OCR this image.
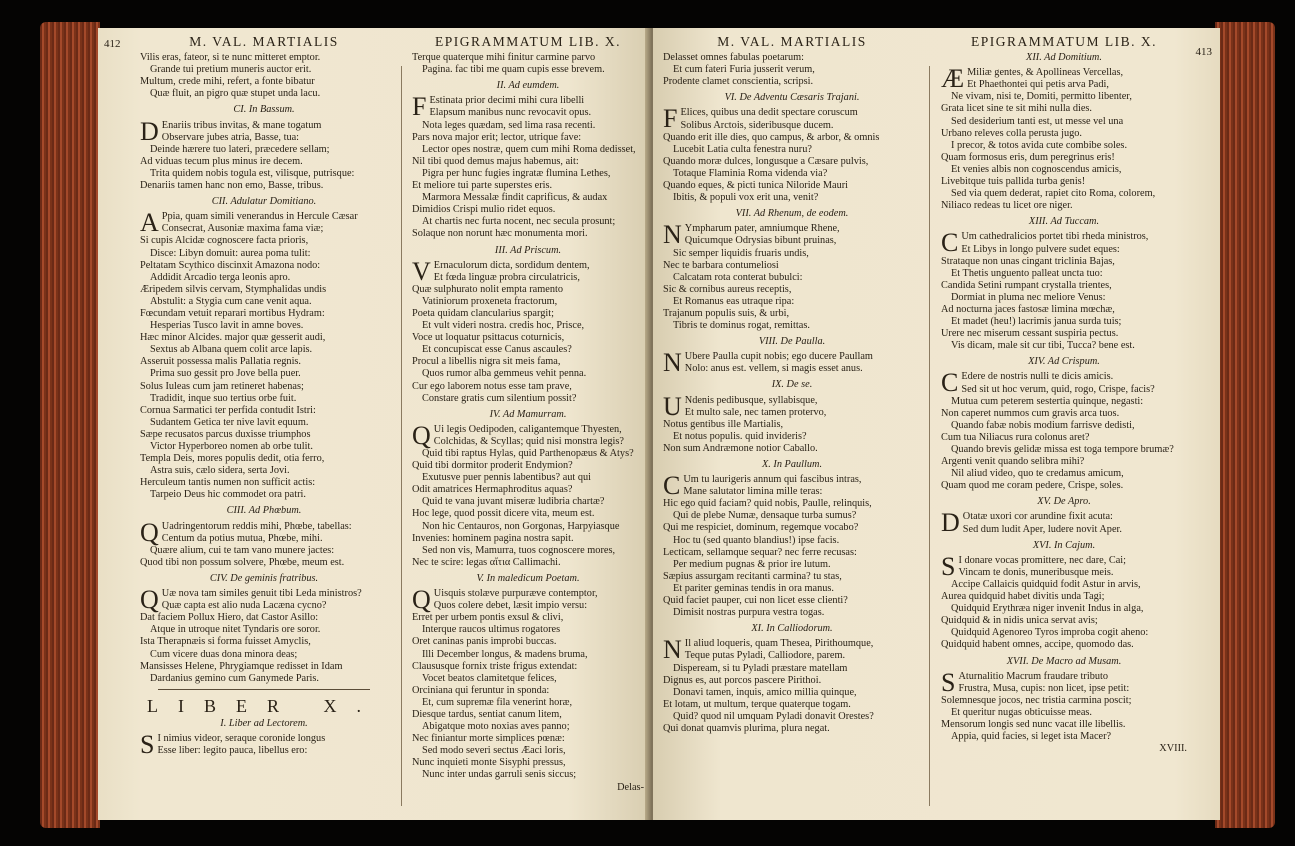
412	M. VAL. MARTIALIS
Vilis eras, fateor, si te nunc mitteret emptor.
Grande tui pretium muneris auctor erit.
Multum, crede mihi, refert, a fonte bibatur
Quæ fluit, an pigro quæ stupet unda lacu.
CI. In Bassum.
D Enariis tribus invitas, & mane togatum
Observare jubes atria, Basse, tua:
Deinde hærere tuo lateri, præcedere sellam;
Ad viduas tecum plus minus ire decem.
Trita quidem nobis togula est, vilisque, putrisque:
Denariis tamen hanc non emo, Basse, tribus.
CII. Adulatur Domitiano.
A Ppia, quam simili venerandus in Hercule Cæsar
Consecrat, Ausoniæ maxima fama viæ;
Si cupis Alcidæ cognoscere facta prioris,
Disce: Libyn domuit: aurea poma tulit:
Peltatam Scythico discinxit Amazona nodo:
Addidit Arcadio terga leonis apro.
Æripedem silvis cervam, Stymphalidas undis
Abstulit: a Stygia cum cane venit aqua.
Fœcundam vetuit reparari mortibus Hydram:
Hesperias Tusco lavit in amne boves.
Hæc minor Alcides. major quæ gesserit audi,
Sextus ab Albana quem colit arce lapis.
Asseruit possessa malis Pallatia regnis.
Prima suo gessit pro Jove bella puer.
Solus Iuleas cum jam retineret habenas;
Tradidit, inque suo tertius orbe fuit.
Cornua Sarmatici ter perfida contudit Istri:
Sudantem Getica ter nive lavit equum.
Sæpe recusatos parcus duxisse triumphos
Victor Hyperboreo nomen ab orbe tulit.
Templa Deis, mores populis dedit, otia ferro,
Astra suis, cælo sidera, serta Jovi.
Herculeum tantis numen non sufficit actis:
Tarpeio Deus hic commodet ora patri.
CIII. Ad Phœbum.
Q Uadringentorum reddis mihi, Phœbe, tabellas:
Centum da potius mutua, Phœbe, mihi.
Quære alium, cui te tam vano munere jactes:
Quod tibi non possum solvere, Phœbe, meum est.
CIV. De geminis fratribus.
Q Uæ nova tam similes genuit tibi Leda ministros?
Quæ capta est alio nuda Lacæna cycno?
Dat faciem Pollux Hiero, dat Castor Asillo:
Atque in utroque nitet Tyndaris ore soror.
Ista Therapnæis si forma fuisset Amyclis,
Cum vicere duas dona minora deas;
Mansisses Helene, Phrygiamque redisset in Idam
Dardanius gemino cum Ganymede Paris.
LIBER X.
I. Liber ad Lectorem.
S I nimius videor, seraque coronide longus
Esse liber: legito pauca, libellus ero:
EPIGRAMMATUM LIB. X.
Terque quaterque mihi finitur carmine parvo
Pagina. fac tibi me quam cupis esse brevem.
II. Ad eumdem.
F Estinata prior decimi mihi cura libelli
Elapsum manibus nunc revocavit opus.
Nota leges quædam, sed lima rasa recenti.
Pars nova major erit; lector, utrique fave:
Lector opes nostræ, quem cum mihi Roma dedisset,
Nil tibi quod demus majus habemus, ait:
Pigra per hunc fugies ingratæ flumina Lethes,
Et meliore tui parte superstes eris.
Marmora Messalæ findit caprificus, & audax
Dimidios Crispi mulio ridet equos.
At chartis nec furta nocent, nec secula prosunt;
Solaque non norunt hæc monumenta mori.
III. Ad Priscum.
V Ernaculorum dicta, sordidum dentem,
Et fœda linguæ probra circulatricis,
Quæ sulphurato nolit empta ramento
Vatiniorum proxeneta fractorum,
Poeta quidam clancularius spargit;
Et vult videri nostra. credis hoc, Prisce,
Voce ut loquatur psittacus coturnicis,
Et concupiscat esse Canus ascaules?
Procul a libellis nigra sit meis fama,
Quos rumor alba gemmeus vehit penna.
Cur ego laborem notus esse tam prave,
Constare gratis cum silentium possit?
IV. Ad Mamurram.
Q Ui legis Oedipoden, caligantemque Thyesten,
Colchidas, & Scyllas; quid nisi monstra legis?
Quid tibi raptus Hylas, quid Parthenopæus & Atys?
Quid tibi dormitor proderit Endymion?
Exutusve puer pennis labentibus? aut qui
Odit amatrices Hermaphroditus aquas?
Quid te vana juvant miseræ ludibria chartæ?
Hoc lege, quod possit dicere vita, meum est.
Non hic Centauros, non Gorgonas, Harpyiasque
Invenies: hominem pagina nostra sapit.
Sed non vis, Mamurra, tuos cognoscere mores,
Nec te scire: legas αἴτια Callimachi.
V. In maledicum Poetam.
Q Uisquis stolæve purpuræve contemptor,
Quos colere debet, læsit impio versu:
Erret per urbem pontis exsul & clivi,
Interque raucos ultimus rogatores
Oret caninas panis improbi buccas.
Illi December longus, & madens bruma,
Claususque fornix triste frigus extendat:
Vocet beatos clamitetque felices,
Orciniana qui feruntur in sponda:
Et, cum supremæ fila venerint horæ,
Diesque tardus, sentiat canum litem,
Abigatque moto noxias aves panno;
Nec finiantur morte simplices pœnæ:
Sed modo severi sectus Æaci loris,
Nunc inquieti monte Sisyphi pressus,
Nunc inter undas garruli senis siccus;
Delas-
M. VAL. MARTIALIS
Delasset omnes fabulas poetarum:
Et cum fateri Furia jusserit verum,
Prodente clamet conscientia, scripsi.
VI. De Adventu Cæsaris Trajani.
F Elices, quibus una dedit spectare coruscum
Solibus Arctois, sideribusque ducem.
Quando erit ille dies, quo campus, & arbor, & omnis
Lucebit Latia culta fenestra nuru?
Quando moræ dulces, longusque a Cæsare pulvis,
Totaque Flaminia Roma videnda via?
Quando eques, & picti tunica Niloride Mauri
Ibitis, & populi vox erit una, venit?
VII. Ad Rhenum, de eodem.
N Ympharum pater, amniumque Rhene,
Quicumque Odrysias bibunt pruinas,
Sic semper liquidis fruaris undis,
Nec te barbara contumeliosi
Calcatam rota conterat bubulci:
Sic & cornibus aureus receptis,
Et Romanus eas utraque ripa:
Trajanum populis suis, & urbi,
Tibris te dominus rogat, remittas.
VIII. De Paulla.
N Ubere Paulla cupit nobis; ego ducere Paullam
Nolo: anus est. vellem, si magis esset anus.
IX. De se.
U Ndenis pedibusque, syllabisque,
Et multo sale, nec tamen protervo,
Notus gentibus ille Martialis,
Et notus populis. quid invideris?
Non sum Andræmone notior Caballo.
X. In Paullum.
C Um tu laurigeris annum qui fascibus intras,
Mane salutator limina mille teras:
Hic ego quid faciam? quid nobis, Paulle, relinquis,
Qui de plebe Numæ, densaque turba sumus?
Qui me respiciet, dominum, regemque vocabo?
Hoc tu (sed quanto blandius!) ipse facis.
Lecticam, sellamque sequar? nec ferre recusas:
Per medium pugnas & prior ire lutum.
Sæpius assurgam recitanti carmina? tu stas,
Et pariter geminas tendis in ora manus.
Quid faciet pauper, cui non licet esse clienti?
Dimisit nostras purpura vestra togas.
XI. In Calliodorum.
N Il aliud loqueris, quam Thesea, Pirithoumque,
Teque putas Pyladi, Calliodore, parem.
Dispeream, si tu Pyladi præstare matellam
Dignus es, aut porcos pascere Pirithoi.
Donavi tamen, inquis, amico millia quinque,
Et lotam, ut multum, terque quaterque togam.
Quid? quod nil umquam Pyladi donavit Orestes?
Qui donat quamvis plurima, plura negat.
EPIGRAMMATUM LIB. X.
XII. Ad Domitium.
Æ Miliæ gentes, & Apollineas Vercellas,
Et Phaethontei qui petis arva Padi,
Ne vivam, nisi te, Domiti, permitto libenter,
Grata licet sine te sit mihi nulla dies.
Sed desiderium tanti est, ut messe vel una
Urbano releves colla perusta jugo.
I precor, & totos avida cute combibe soles.
Quam formosus eris, dum peregrinus eris!
Et venies albis non cognoscendus amicis,
Livebitque tuis pallida turba genis!
Sed via quem dederat, rapiet cito Roma, colorem,
Niliaco redeas tu licet ore niger.
XIII. Ad Tuccam.
C Um cathedralicios portet tibi rheda ministros,
Et Libys in longo pulvere sudet eques:
Strataque non unas cingant triclinia Bajas,
Et Thetis unguento palleat uncta tuo:
Candida Setini rumpant crystalla trientes,
Dormiat in pluma nec meliore Venus:
Ad nocturna jaces fastosæ limina mœchæ,
Et madet (heu!) lacrimis janua surda tuis;
Urere nec miserum cessant suspiria pectus.
Vis dicam, male sit cur tibi, Tucca? bene est.
XIV. Ad Crispum.
C Edere de nostris nulli te dicis amicis.
Sed sit ut hoc verum, quid, rogo, Crispe, facis?
Mutua cum peterem sestertia quinque, negasti:
Non caperet nummos cum gravis arca tuos.
Quando fabæ nobis modium farrisve dedisti,
Cum tua Niliacus rura colonus aret?
Quando brevis gelidæ missa est toga tempore brumæ?
Argenti venit quando selibra mihi?
Nil aliud video, quo te credamus amicum,
Quam quod me coram pedere, Crispe, soles.
XV. De Apro.
D Otatæ uxori cor arundine fixit acuta:
Sed dum ludit Aper, ludere novit Aper.
XVI. In Cajum.
S I donare vocas promittere, nec dare, Cai;
Vincam te donis, muneribusque meis.
Accipe Callaicis quidquid fodit Astur in arvis,
Aurea quidquid habet divitis unda Tagi;
Quidquid Erythræa niger invenit Indus in alga,
Quidquid & in nidis unica servat avis;
Quidquid Agenoreo Tyros improba cogit aheno:
Quidquid habent omnes, accipe, quomodo das.
XVII. De Macro ad Musam.
S Aturnalitio Macrum fraudare tributo
Frustra, Musa, cupis: non licet, ipse petit:
Solemnesque jocos, nec tristia carmina poscit;
Et queritur nugas obticuisse meas.
Mensorum longis sed nunc vacat ille libellis.
Appia, quid facies, si leget ista Macer?
XVIII.
413
